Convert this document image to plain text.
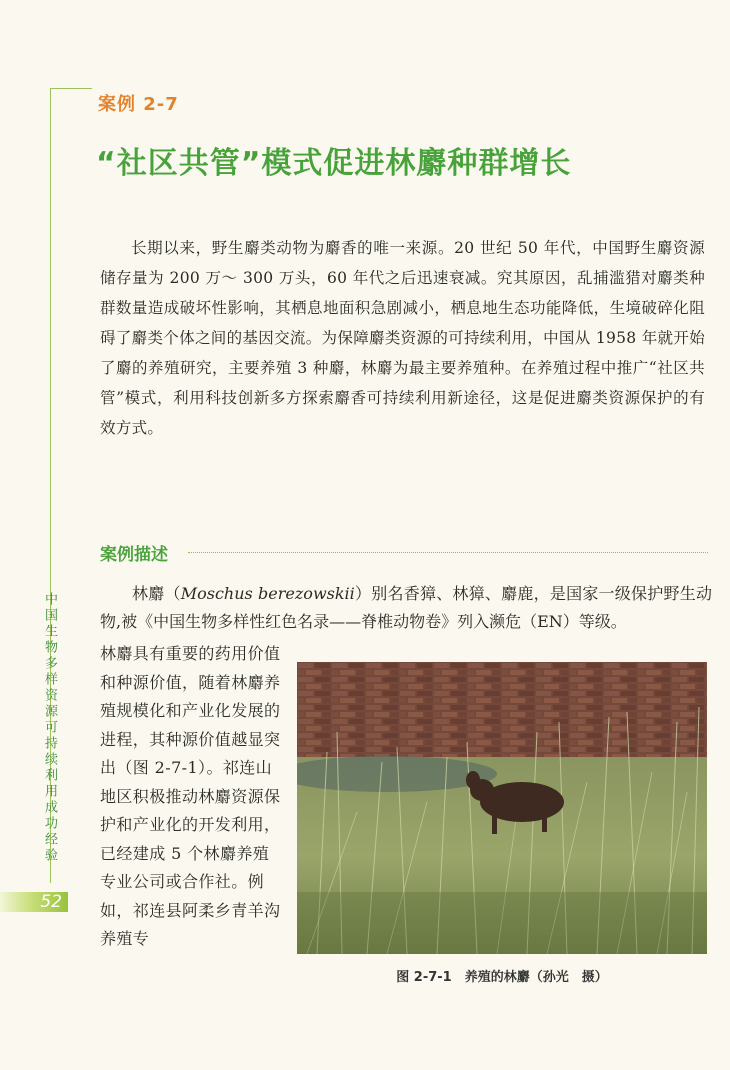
案例 2-7
“社区共管”模式促进林麝种群增长
长期以来，野生麝类动物为麝香的唯一来源。20 世纪 50 年代，中国野生麝资源储存量为 200 万～ 300 万头，60 年代之后迅速衰减。究其原因，乱捕滥猎对麝类种群数量造成破坏性影响，其栖息地面积急剧减小，栖息地生态功能降低，生境破碎化阻碍了麝类个体之间的基因交流。为保障麝类资源的可持续利用，中国从 1958 年就开始了麝的养殖研究，主要养殖 3 种麝，林麝为最主要养殖种。在养殖过程中推广“社区共管”模式，利用科技创新多方探索麝香可持续利用新途径，这是促进麝类资源保护的有效方式。
案例描述
林麝（Moschus berezowskii）别名香獐、林獐、麝鹿，是国家一级保护野生动物,被《中国生物多样性红色名录——脊椎动物卷》列入濒危（EN）等级。
林麝具有重要的药用价值和种源价值，随着林麝养殖规模化和产业化发展的进程，其种源价值越显突出（图 2-7-1）。祁连山地区积极推动林麝资源保护和产业化的开发利用，已经建成 5 个林麝养殖专业公司或合作社。例如，祁连县阿柔乡青羊沟养殖专
图 2-7-1　养殖的林麝（孙光　摄）
中国生物多样资源可持续利用成功经验
52
